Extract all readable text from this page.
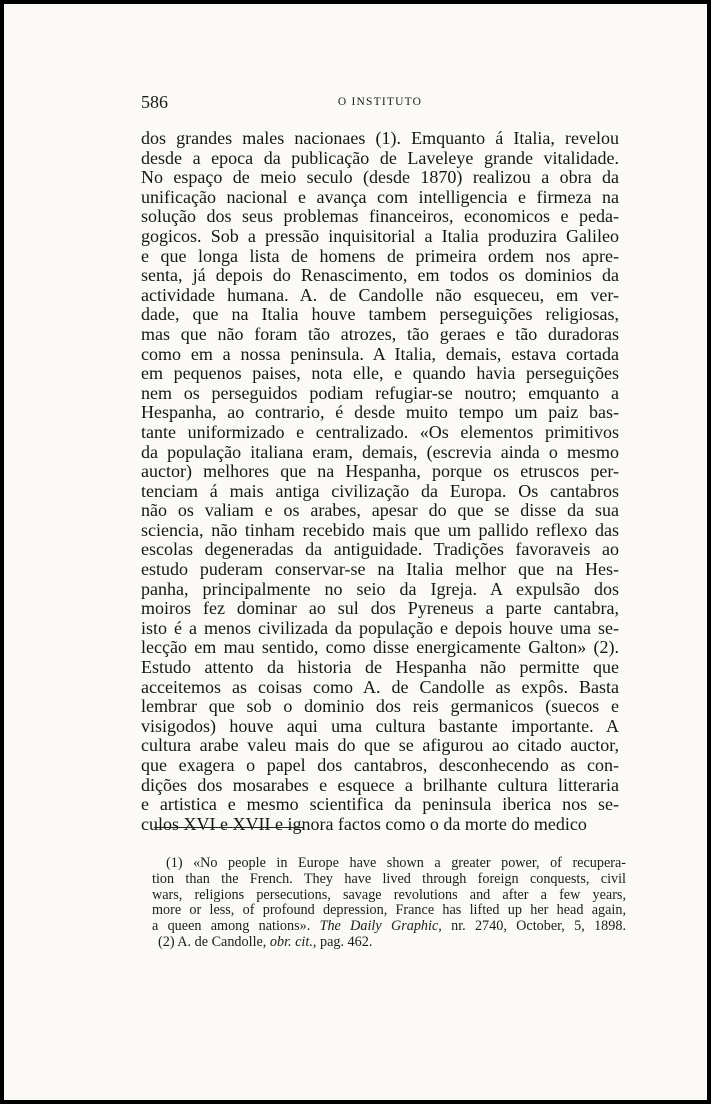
586	O INSTITUTO
dos grandes males nacionaes (1). Emquanto á Italia, revelou
desde a epoca da publicação de Laveleye grande vitalidade.
No espaço de meio seculo (desde 1870) realizou a obra da
unificação nacional e avança com intelligencia e firmeza na
solução dos seus problemas financeiros, economicos e peda-
gogicos. Sob a pressão inquisitorial a Italia produzira Galileo
e que longa lista de homens de primeira ordem nos apre-
senta, já depois do Renascimento, em todos os dominios da
actividade humana. A. de Candolle não esqueceu, em ver-
dade, que na Italia houve tambem perseguições religiosas,
mas que não foram tão atrozes, tão geraes e tão duradoras
como em a nossa peninsula. A Italia, demais, estava cortada
em pequenos paises, nota elle, e quando havia perseguições
nem os perseguidos podiam refugiar-se noutro; emquanto a
Hespanha, ao contrario, é desde muito tempo um paiz bas-
tante uniformizado e centralizado. «Os elementos primitivos
da população italiana eram, demais, (escrevia ainda o mesmo
auctor) melhores que na Hespanha, porque os etruscos per-
tenciam á mais antiga civilização da Europa. Os cantabros
não os valiam e os arabes, apesar do que se disse da sua
sciencia, não tinham recebido mais que um pallido reflexo das
escolas degeneradas da antiguidade. Tradições favoraveis ao
estudo puderam conservar-se na Italia melhor que na Hes-
panha, principalmente no seio da Igreja. A expulsão dos
moiros fez dominar ao sul dos Pyreneus a parte cantabra,
isto é a menos civilizada da população e depois houve uma se-
lecção em mau sentido, como disse energicamente Galton» (2).
Estudo attento da historia de Hespanha não permitte que
acceitemos as coisas como A. de Candolle as expôs. Basta
lembrar que sob o dominio dos reis germanicos (suecos e
visigodos) houve aqui uma cultura bastante importante. A
cultura arabe valeu mais do que se afigurou ao citado auctor,
que exagera o papel dos cantabros, desconhecendo as con-
dições dos mosarabes e esquece a brilhante cultura litteraria
e artistica e mesmo scientifica da peninsula iberica nos se-
culos XVI e XVII e ignora factos como o da morte do medico
(1) «No people in Europe have shown a greater power, of recupera-
tion than the French. They have lived through foreign conquests, civil
wars, religions persecutions, savage revolutions and after a few years,
more or less, of profound depression, France has lifted up her head again,
a queen among nations». The Daily Graphic, nr. 2740, October, 5, 1898.
(2) A. de Candolle, obr. cit., pag. 462.
